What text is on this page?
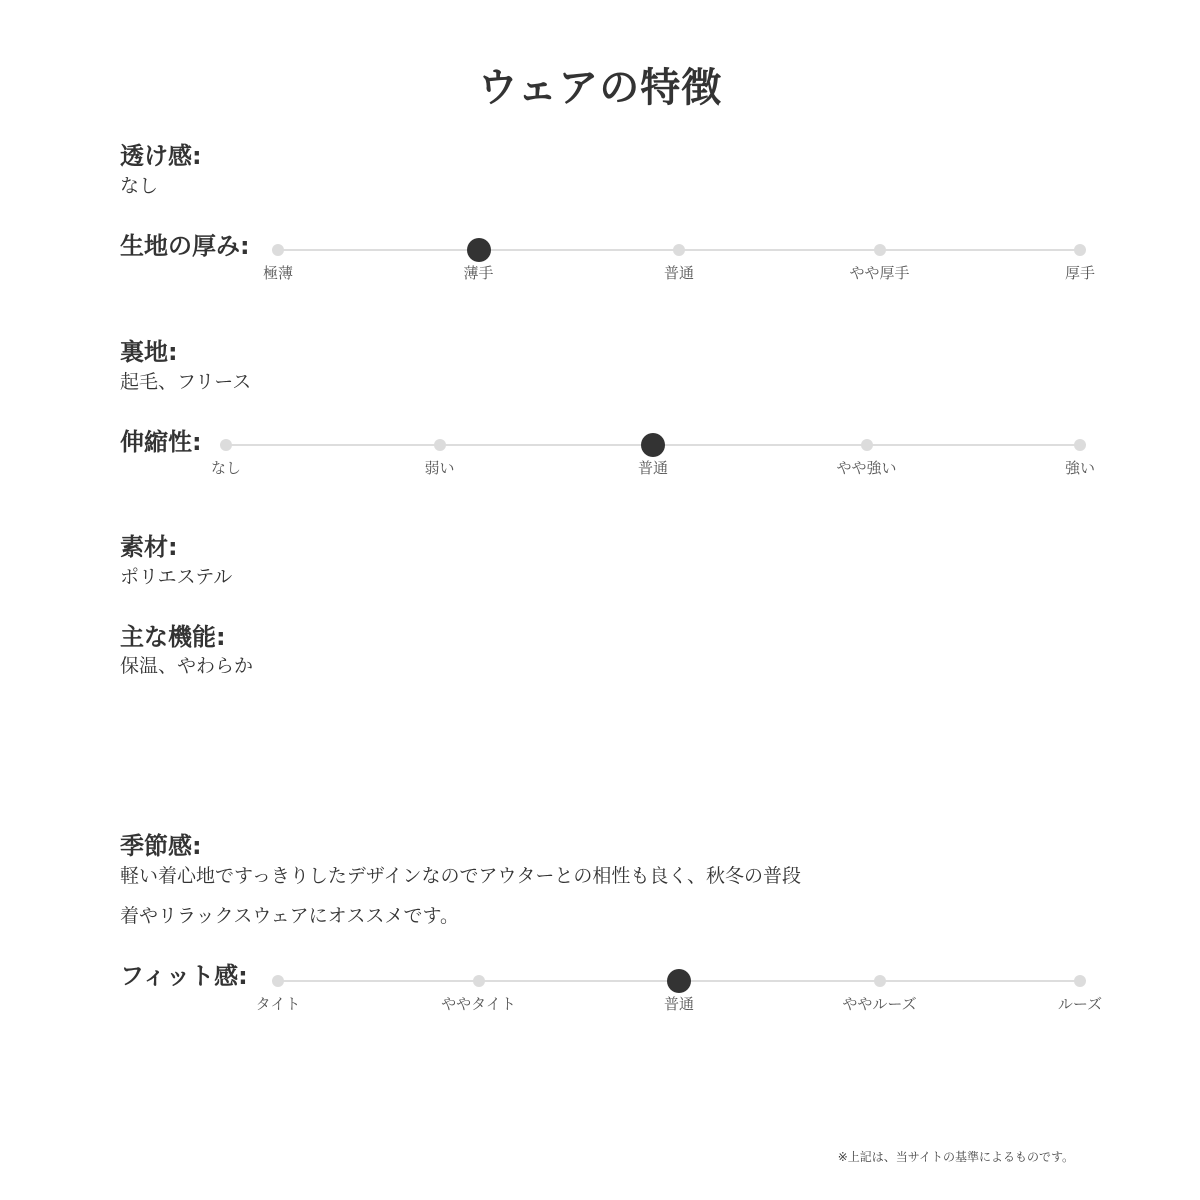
ウェアの特徴
透け感:
なし
生地の厚み:
極薄	薄手	普通	やや厚手	厚手
裏地:
起毛、フリース
伸縮性:
なし	弱い	普通	やや強い	強い
素材:
ポリエステル
主な機能:
保温、やわらか
季節感:
軽い着心地ですっきりしたデザインなのでアウターとの相性も良く、秋冬の普段
着やリラックスウェアにオススメです。
フィット感:
タイト	ややタイト	普通	ややルーズ	ルーズ
※上記は、当サイトの基準によるものです。
